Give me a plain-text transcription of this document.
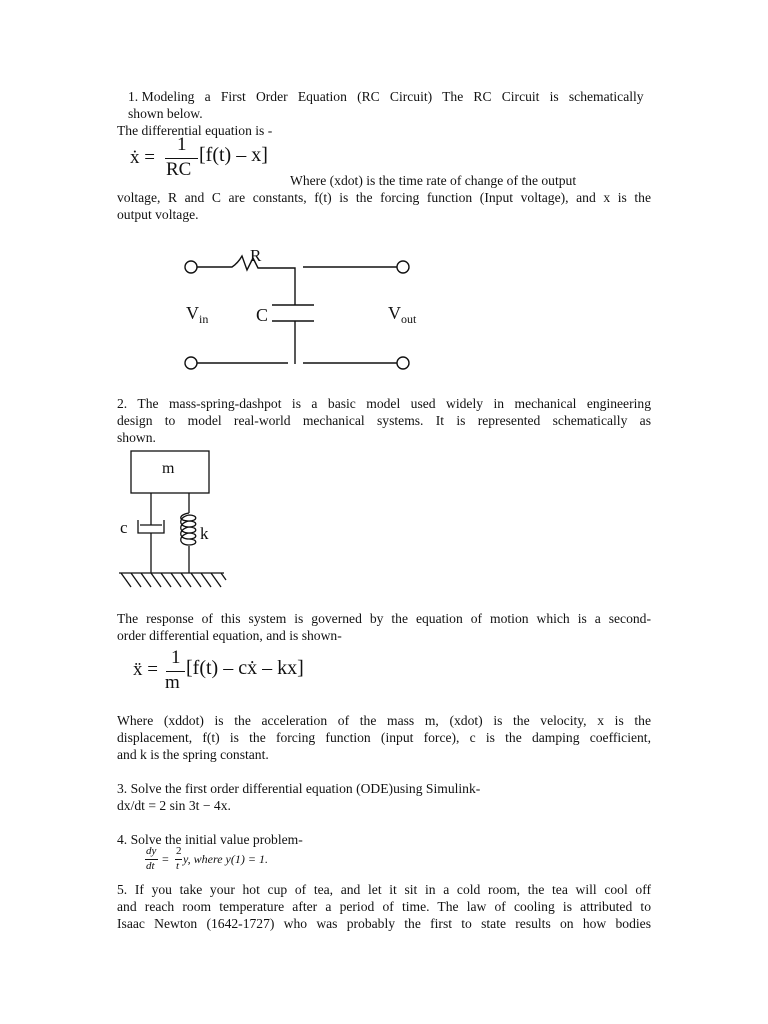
1. Modeling a First Order Equation (RC Circuit) The RC Circuit is schematically
shown below.
The differential equation is -
ẋ =
1
RC
[f(t) – x]
Where (xdot) is the time rate of change of the output
voltage, R and C are constants, f(t) is the forcing function (Input voltage), and x is the
output voltage.
R
C
$V_{in}$	$V_{out}$
2. The mass-spring-dashpot is a basic model used widely in mechanical engineering
design to model real-world mechanical systems. It is represented schematically as
shown.
m
c	k
The response of this system is governed by the equation of motion which is a second-
order differential equation, and is shown-
ẍ =
1
m
[f(t) – cẋ – kx]
Where (xddot) is the acceleration of the mass m, (xdot) is the velocity, x is the
displacement, f(t) is the forcing function (input force), c is the damping coefficient,
and k is the spring constant.
3. Solve the first order differential equation (ODE)using Simulink-
dx/dt = 2 sin 3t − 4x.
4. Solve the initial value problem-
dy
dt =
2
t y, where y(1) = 1.
5. If you take your hot cup of tea, and let it sit in a cold room, the tea will cool off
and reach room temperature after a period of time. The law of cooling is attributed to
Isaac Newton (1642-1727) who was probably the first to state results on how bodies
